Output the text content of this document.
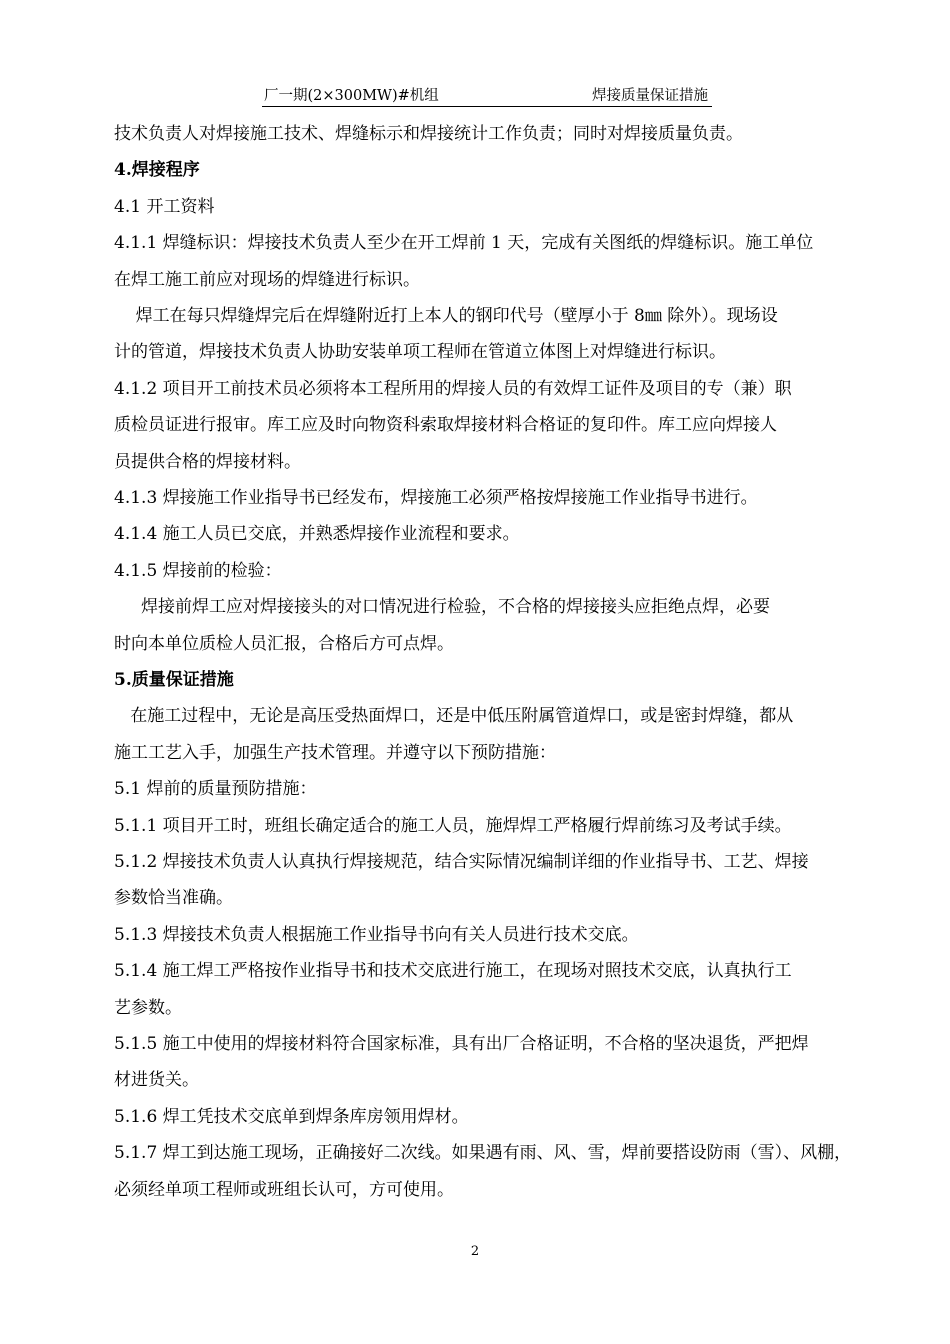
厂一期(2×300MW)#机组	焊接质量保证措施
技术负责人对焊接施工技术、焊缝标示和焊接统计工作负责；同时对焊接质量负责。
4.焊接程序
4.1 开工资料
4.1.1 焊缝标识：焊接技术负责人至少在开工焊前 1 天，完成有关图纸的焊缝标识。施工单位
在焊工施工前应对现场的焊缝进行标识。
焊工在每只焊缝焊完后在焊缝附近打上本人的钢印代号（壁厚小于 8㎜ 除外）。现场设
计的管道，焊接技术负责人协助安装单项工程师在管道立体图上对焊缝进行标识。
4.1.2 项目开工前技术员必须将本工程所用的焊接人员的有效焊工证件及项目的专（兼）职
质检员证进行报审。库工应及时向物资科索取焊接材料合格证的复印件。库工应向焊接人
员提供合格的焊接材料。
4.1.3 焊接施工作业指导书已经发布，焊接施工必须严格按焊接施工作业指导书进行。
4.1.4 施工人员已交底，并熟悉焊接作业流程和要求。
4.1.5 焊接前的检验：
焊接前焊工应对焊接接头的对口情况进行检验，不合格的焊接接头应拒绝点焊，必要
时向本单位质检人员汇报，合格后方可点焊。
5.质量保证措施
在施工过程中，无论是高压受热面焊口，还是中低压附属管道焊口，或是密封焊缝，都从
施工工艺入手，加强生产技术管理。并遵守以下预防措施：
5.1 焊前的质量预防措施：
5.1.1 项目开工时，班组长确定适合的施工人员，施焊焊工严格履行焊前练习及考试手续。
5.1.2 焊接技术负责人认真执行焊接规范，结合实际情况编制详细的作业指导书、工艺、焊接
参数恰当准确。
5.1.3 焊接技术负责人根据施工作业指导书向有关人员进行技术交底。
5.1.4 施工焊工严格按作业指导书和技术交底进行施工，在现场对照技术交底，认真执行工
艺参数。
5.1.5 施工中使用的焊接材料符合国家标准，具有出厂合格证明，不合格的坚决退货，严把焊
材进货关。
5.1.6 焊工凭技术交底单到焊条库房领用焊材。
5.1.7 焊工到达施工现场，正确接好二次线。如果遇有雨、风、雪，焊前要搭设防雨（雪）、风棚，
必须经单项工程师或班组长认可，方可使用。
2
